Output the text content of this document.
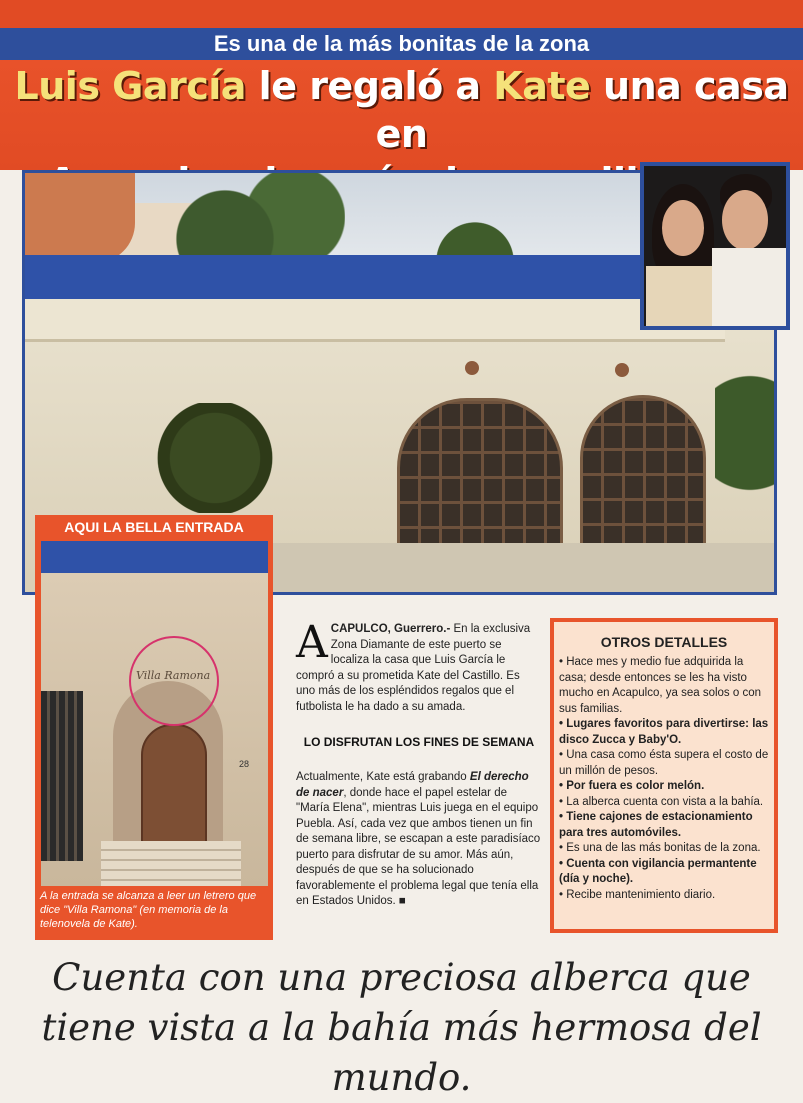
Es una de la más bonitas de la zona
Luis García le regaló a Kate una casa en

AQUI LA BELLA ENTRADA
Villa Ramona
28
A la entrada se alcanza a leer un letrero que dice "Villa Ramona" (en memoria de la telenovela de Kate).
ACAPULCO, Guerrero.- En la exclusiva Zona Diamante de este puerto se localiza la casa que Luis García le compró a su prometida Kate del Castillo. Es uno más de los espléndidos regalos que el futbolista le ha dado a su amada.
LO DISFRUTAN LOS FINES DE SEMANA
Actualmente, Kate está grabando El derecho de nacer, donde hace el papel estelar de "María Elena", mientras Luis juega en el equipo Puebla. Así, cada vez que ambos tienen un fin de semana libre, se escapan a este paradisíaco puerto para disfrutar de su amor. Más aún, después de que se ha solucionado favorablemente el problema legal que tenía ella en Estados Unidos. ■
OTROS DETALLES
• Hace mes y medio fue adquirida la casa; desde entonces se les ha visto mucho en Acapulco, ya sea solos o con sus familias.
• Lugares favoritos para divertirse: las disco Zucca y Baby'O.
• Una casa como ésta supera el costo de un millón de pesos.
• Por fuera es color melón.
• La alberca cuenta con vista a la bahía.
• Tiene cajones de estacionamiento para tres automóviles.
• Es una de las más bonitas de la zona.
• Cuenta con vigilancia permantente (día y noche).
• Recibe mantenimiento diario.
Cuenta con una preciosa alberca que tiene vista a la bahía más hermosa del mundo.
